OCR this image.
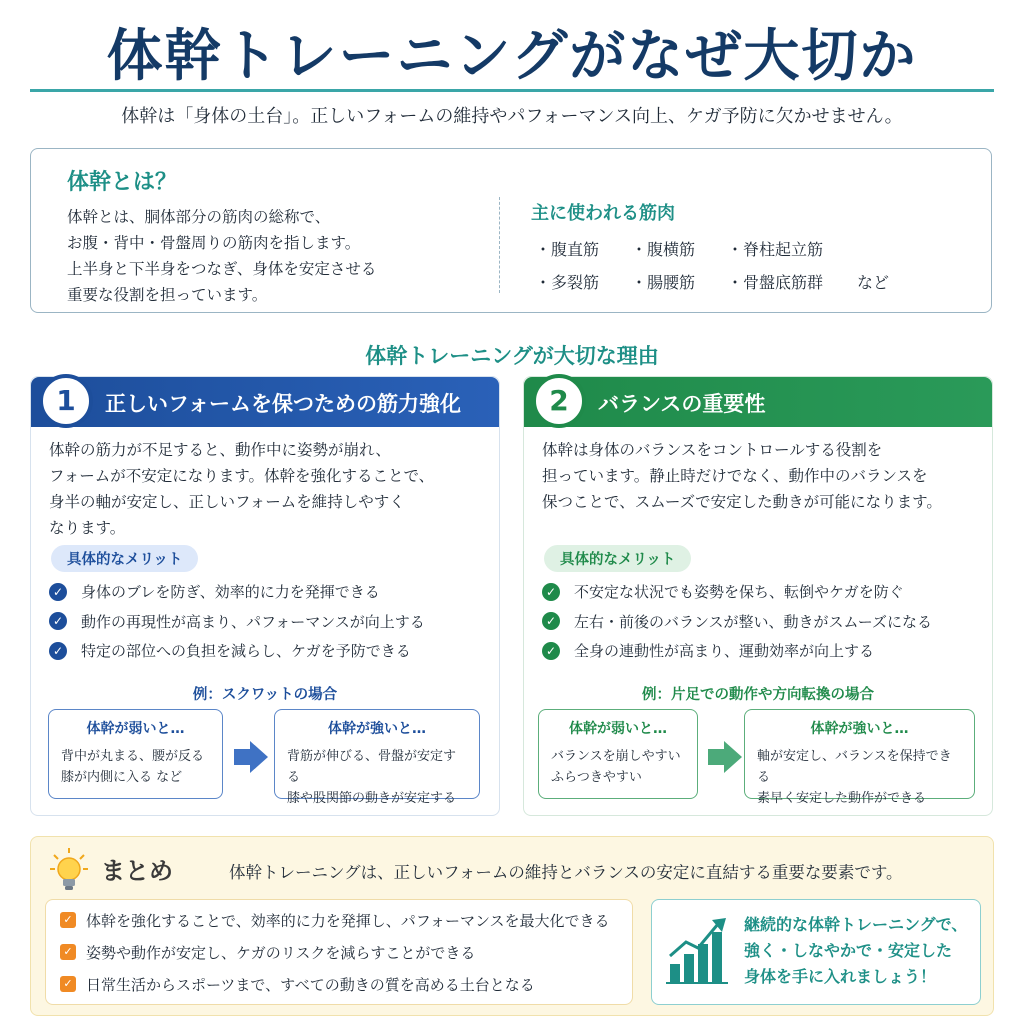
体幹トレーニングがなぜ大切か

体幹は「身体の土台」。正しいフォームの維持やパフォーマンス向上、ケガ予防に欠かせません。

体幹とは？
体幹とは、胴体部分の筋肉の総称で、
お腹・背中・骨盤周りの筋肉を指します。
上半身と下半身をつなぎ、身体を安定させる
重要な役割を担っています。
主に使われる筋肉
・腹直筋	・腹横筋	・脊柱起立筋
・多裂筋	・腸腰筋	・骨盤底筋群	など
体幹トレーニングが大切な理由
1	正しいフォームを保つための筋力強化
体幹の筋力が不足すると、動作中に姿勢が崩れ、
フォームが不安定になります。体幹を強化することで、
身半の軸が安定し、正しいフォームを維持しやすく
なります。
具体的なメリット
✓ 身体のブレを防ぎ、効率的に力を発揮できる
✓ 動作の再現性が高まり、パフォーマンスが向上する
✓ 特定の部位への負担を減らし、ケガを予防できる
例：スクワットの場合
体幹が弱いと…
背中が丸まる、腰が反る
膝が内側に入る など
体幹が強いと…
背筋が伸びる、骨盤が安定する
膝や股関節の動きが安定する
2	バランスの重要性
体幹は身体のバランスをコントロールする役割を
担っています。静止時だけでなく、動作中のバランスを
保つことで、スムーズで安定した動きが可能になります。
具体的なメリット
✓ 不安定な状況でも姿勢を保ち、転倒やケガを防ぐ
✓ 左右・前後のバランスが整い、動きがスムーズになる
✓ 全身の連動性が高まり、運動効率が向上する
例：片足での動作や方向転換の場合
体幹が弱いと…
バランスを崩しやすい
ふらつきやすい
体幹が強いと…
軸が安定し、バランスを保持できる
素早く安定した動作ができる
まとめ	体幹トレーニングは、正しいフォームの維持とバランスの安定に直結する重要な要素です。

✓ 体幹を強化することで、効率的に力を発揮し、パフォーマンスを最大化できる
✓ 姿勢や動作が安定し、ケガのリスクを減らすことができる
✓ 日常生活からスポーツまで、すべての動きの質を高める土台となる
継続的な体幹トレーニングで、
強く・しなやかで・安定した
身体を手に入れましょう！
